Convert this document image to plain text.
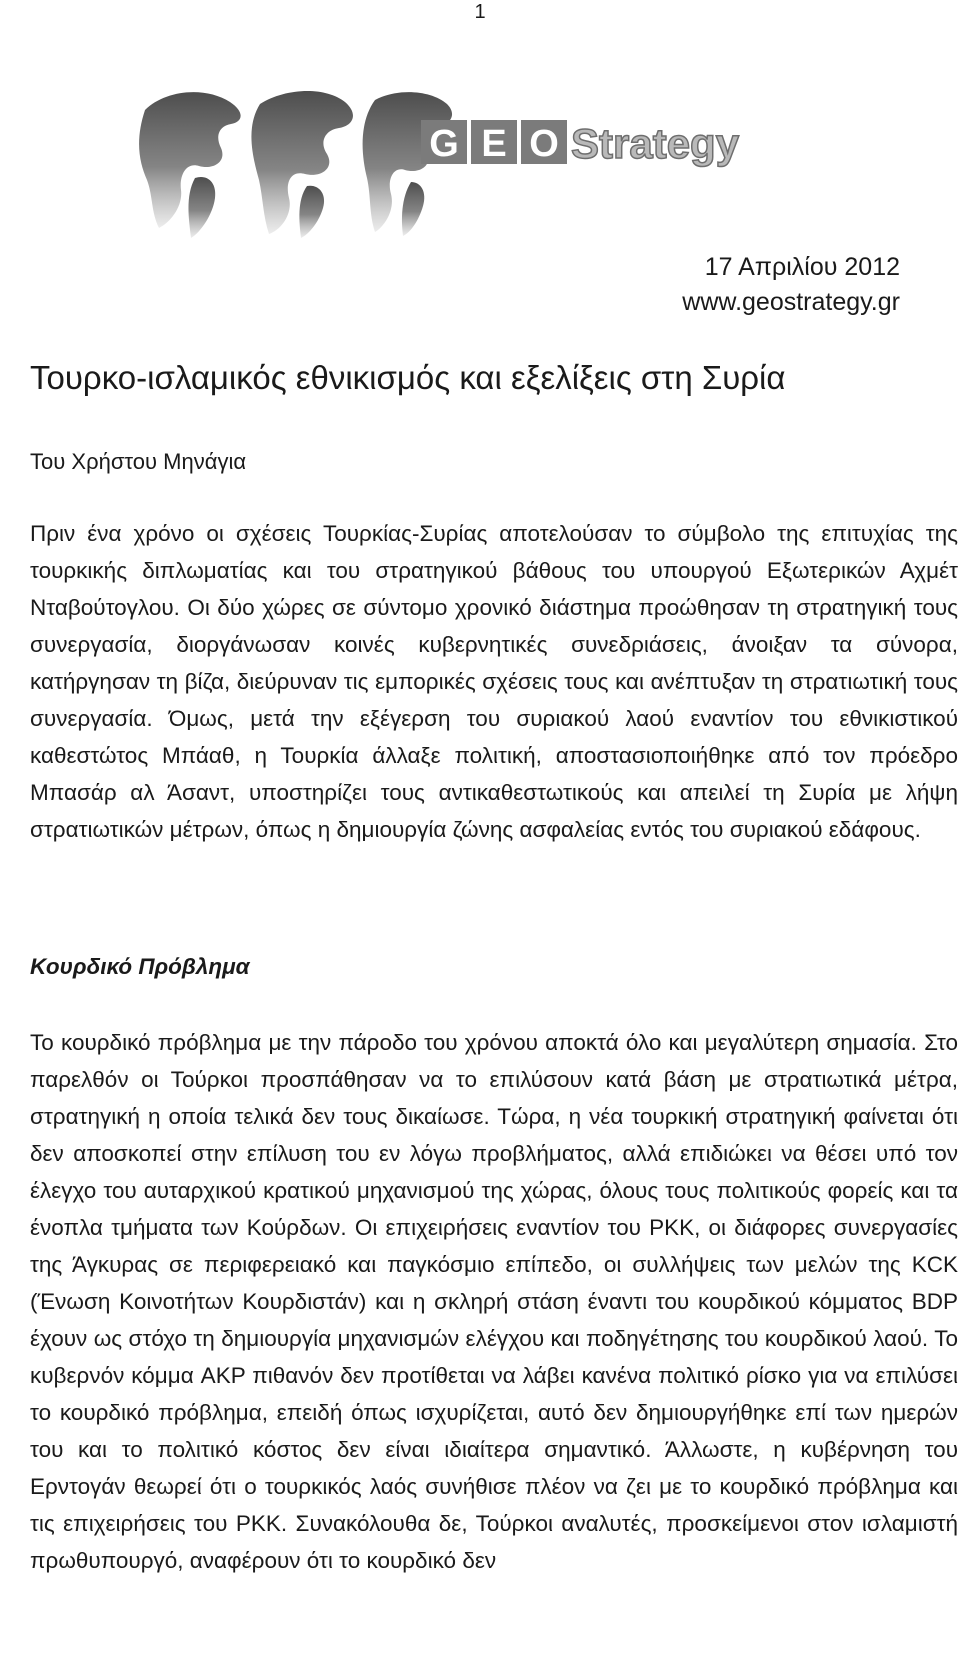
1
G E O Strategy
17 Απριλίου 2012
www.geostrategy.gr
Τουρκο-ισλαμικός εθνικισμός και εξελίξεις στη Συρία
Του Χρήστου Μηνάγια

Πριν ένα χρόνο οι σχέσεις Τουρκίας-Συρίας αποτελούσαν το σύμβολο της επιτυχίας της τουρκικής διπλωματίας και του στρατηγικού βάθους του υπουργού Εξωτερικών Αχμέτ Νταβούτογλου. Οι δύο χώρες σε σύντομο χρονικό διάστημα προώθησαν τη στρατηγική τους συνεργασία, διοργάνωσαν κοινές κυβερνητικές συνεδριάσεις, άνοιξαν τα σύνορα, κατήργησαν τη βίζα, διεύρυναν τις εμπορικές σχέσεις τους και ανέπτυξαν τη στρατιωτική τους συνεργασία. Όμως, μετά την εξέγερση του συριακού λαού εναντίον του εθνικιστικού καθεστώτος Μπάαθ, η Τουρκία άλλαξε πολιτική, αποστασιοποιήθηκε από τον πρόεδρο Μπασάρ αλ Άσαντ, υποστηρίζει τους αντικαθεστωτικούς και απειλεί τη Συρία με λήψη στρατιωτικών μέτρων, όπως η δημιουργία ζώνης ασφαλείας εντός του συριακού εδάφους.

Κουρδικό Πρόβλημα

Το κουρδικό πρόβλημα με την πάροδο του χρόνου αποκτά όλο και μεγαλύτερη σημασία. Στο παρελθόν οι Τούρκοι προσπάθησαν να το επιλύσουν κατά βάση με στρατιωτικά μέτρα, στρατηγική η οποία τελικά δεν τους δικαίωσε. Τώρα, η νέα τουρκική στρατηγική φαίνεται ότι δεν αποσκοπεί στην επίλυση του εν λόγω προβλήματος, αλλά επιδιώκει να θέσει υπό τον έλεγχο του αυταρχικού κρατικού μηχανισμού της χώρας, όλους τους πολιτικούς φορείς και τα ένοπλα τμήματα των Κούρδων. Οι επιχειρήσεις εναντίον του PKK, οι διάφορες συνεργασίες της Άγκυρας σε περιφερειακό και παγκόσμιο επίπεδο, οι συλλήψεις των μελών της KCK (Ένωση Κοινοτήτων Κουρδιστάν) και η σκληρή στάση έναντι του κουρδικού κόμματος BDP έχουν ως στόχο τη δημιουργία μηχανισμών ελέγχου και ποδηγέτησης του κουρδικού λαού. Το κυβερνόν κόμμα AKP πιθανόν δεν προτίθεται να λάβει κανένα πολιτικό ρίσκο για να επιλύσει το κουρδικό πρόβλημα, επειδή όπως ισχυρίζεται, αυτό δεν δημιουργήθηκε επί των ημερών του και το πολιτικό κόστος δεν είναι ιδιαίτερα σημαντικό. Άλλωστε, η κυβέρνηση του Ερντογάν θεωρεί ότι ο τουρκικός λαός συνήθισε πλέον να ζει με το κουρδικό πρόβλημα και τις επιχειρήσεις του PKK. Συνακόλουθα δε, Τούρκοι αναλυτές, προσκείμενοι στον ισλαμιστή πρωθυπουργό, αναφέρουν ότι το κουρδικό δεν
